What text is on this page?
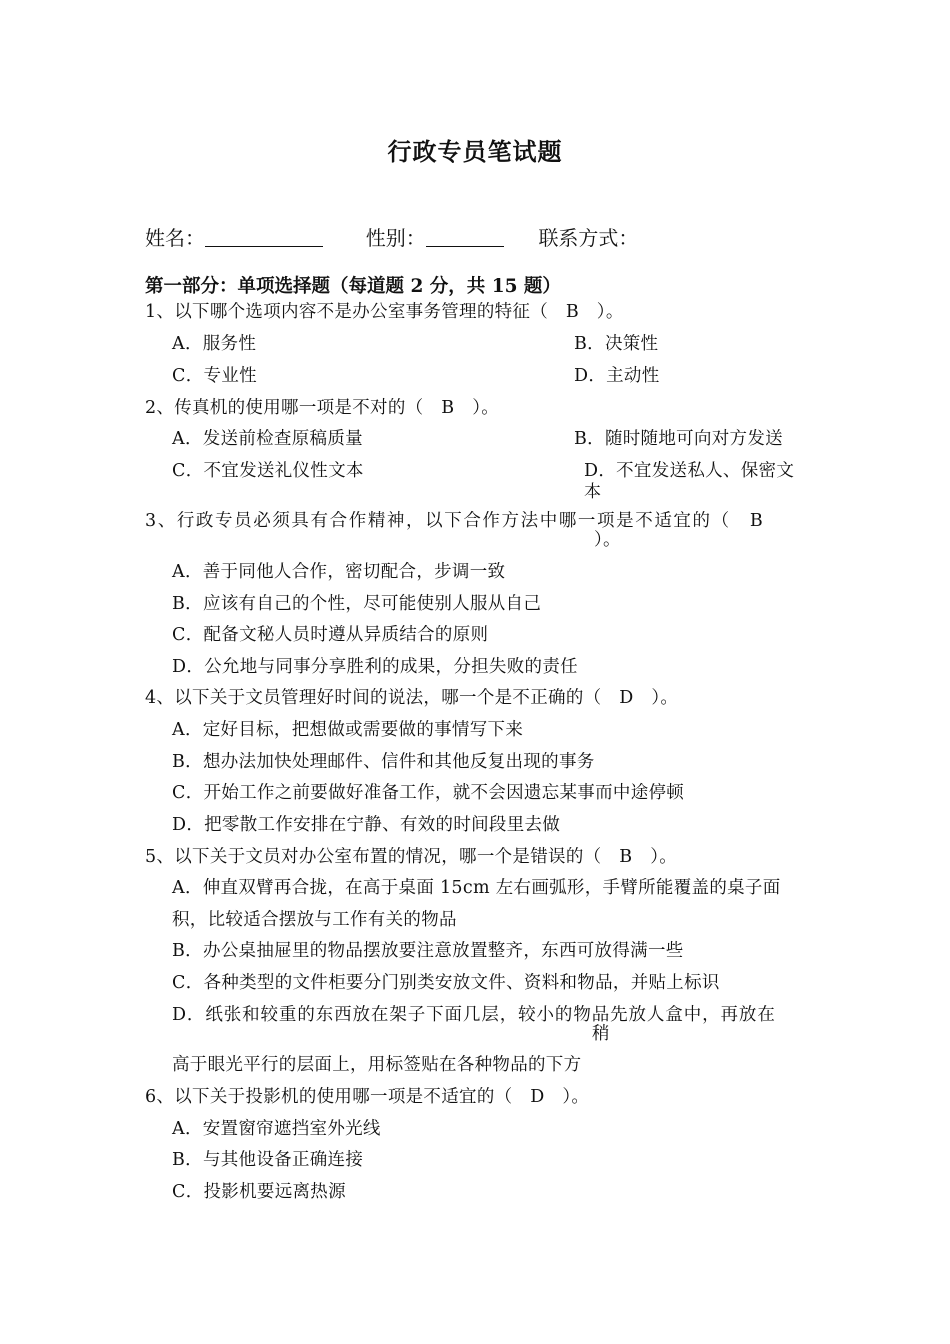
行政专员笔试题
姓名：	性别：	联系方式：
第一部分：单项选择题（每道题 2 分，共 15 题）
1、以下哪个选项内容不是办公室事务管理的特征（　B　）。
A．服务性	B．决策性
C．专业性	D．主动性
2、传真机的使用哪一项是不对的（　B　）。
A．发送前检查原稿质量	B．随时随地可向对方发送
C．不宜发送礼仪性文本	D．不宜发送私人、保密文
本
3、行政专员必须具有合作精神，以下合作方法中哪一项是不适宜的（　B
）。
A．善于同他人合作，密切配合，步调一致
B．应该有自己的个性，尽可能使别人服从自己
C．配备文秘人员时遵从异质结合的原则
D．公允地与同事分享胜利的成果，分担失败的责任
4、以下关于文员管理好时间的说法，哪一个是不正确的（　D　）。
A．定好目标，把想做或需要做的事情写下来
B．想办法加快处理邮件、信件和其他反复出现的事务
C．开始工作之前要做好准备工作，就不会因遗忘某事而中途停顿
D．把零散工作安排在宁静、有效的时间段里去做
5、以下关于文员对办公室布置的情况，哪一个是错误的（　B　）。
A．伸直双臂再合拢，在高于桌面 15cm 左右画弧形，手臂所能覆盖的桌子面
积，比较适合摆放与工作有关的物品
B．办公桌抽屉里的物品摆放要注意放置整齐，东西可放得满一些
C．各种类型的文件柜要分门别类安放文件、资料和物品，并贴上标识
D．纸张和较重的东西放在架子下面几层，较小的物品先放人盒中，再放在
稍
高于眼光平行的层面上，用标签贴在各种物品的下方
6、以下关于投影机的使用哪一项是不适宜的（　D　）。
A．安置窗帘遮挡室外光线
B．与其他设备正确连接
C．投影机要远离热源
